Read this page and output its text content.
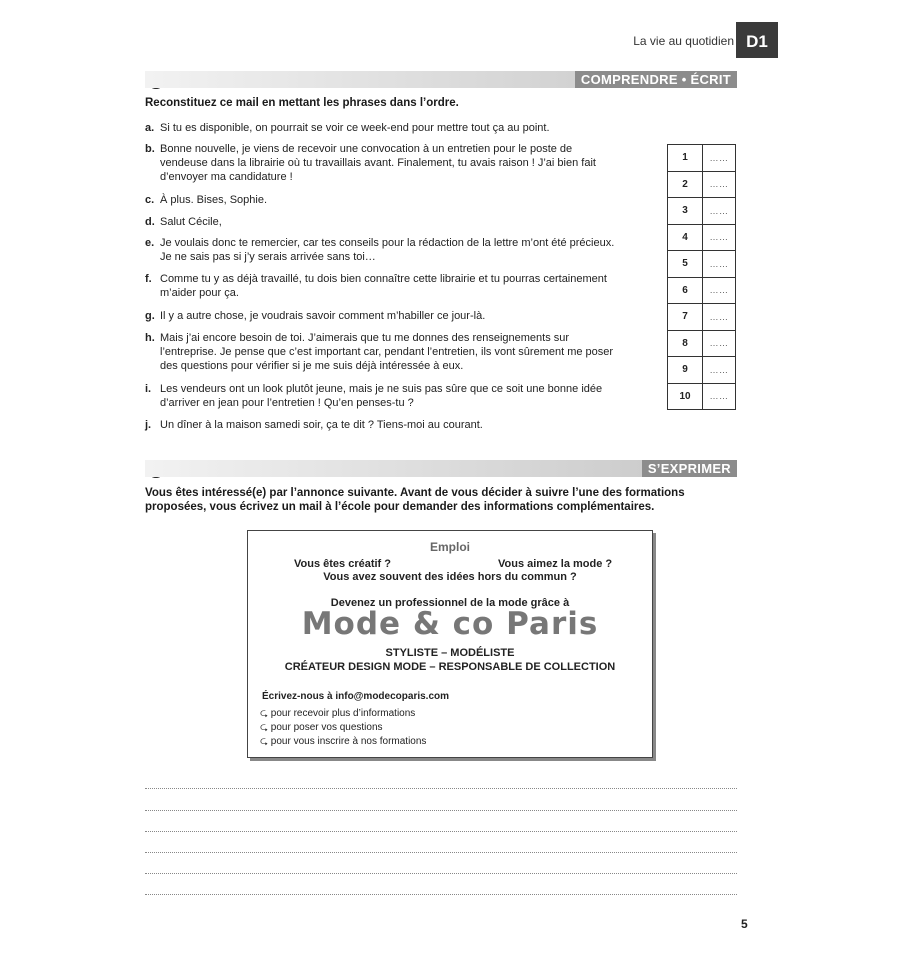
La vie au quotidien D1
COMPRENDRE • ÉCRIT
Reconstituez ce mail en mettant les phrases dans l’ordre.
a. Si tu es disponible, on pourrait se voir ce week-end pour mettre tout ça au point.
b. Bonne nouvelle, je viens de recevoir une convocation à un entretien pour le poste de vendeuse dans la librairie où tu travaillais avant. Finalement, tu avais raison ! J’ai bien fait d’envoyer ma candidature !
c. À plus. Bises, Sophie.
d. Salut Cécile,
e. Je voulais donc te remercier, car tes conseils pour la rédaction de la lettre m’ont été précieux. Je ne sais pas si j’y serais arrivée sans toi…
f. Comme tu y as déjà travaillé, tu dois bien connaître cette librairie et tu pourras certainement m’aider pour ça.
g. Il y a autre chose, je voudrais savoir comment m’habiller ce jour-là.
h. Mais j’ai encore besoin de toi. J’aimerais que tu me donnes des renseignements sur l’entreprise. Je pense que c’est important car, pendant l’entretien, ils vont sûrement me poser des questions pour vérifier si je me suis déjà intéressée à eux.
i. Les vendeurs ont un look plutôt jeune, mais je ne suis pas sûre que ce soit une bonne idée d’arriver en jean pour l’entretien ! Qu’en penses-tu ?
j. Un dîner à la maison samedi soir, ça te dit ? Tiens-moi au courant.
1	……
2	……
3	……
4	……
5	……
6	……
7	……
8	……
9	……
10	……
S’EXPRIMER
Vous êtes intéressé(e) par l’annonce suivante. Avant de vous décider à suivre l’une des formations
proposées, vous écrivez un mail à l’école pour demander des informations complémentaires.
Emploi
Vous êtes créatif ?	Vous aimez la mode ?
Vous avez souvent des idées hors du commun ?
Devenez un professionnel de la mode grâce à
Mode & co Paris
STYLISTE – MODÉLISTE
CRÉATEUR DESIGN MODE – RESPONSABLE DE COLLECTION
Écrivez-nous à info@modecoparis.com
⮎ pour recevoir plus d’informations
⮎ pour poser vos questions
⮎ pour vous inscrire à nos formations
5
